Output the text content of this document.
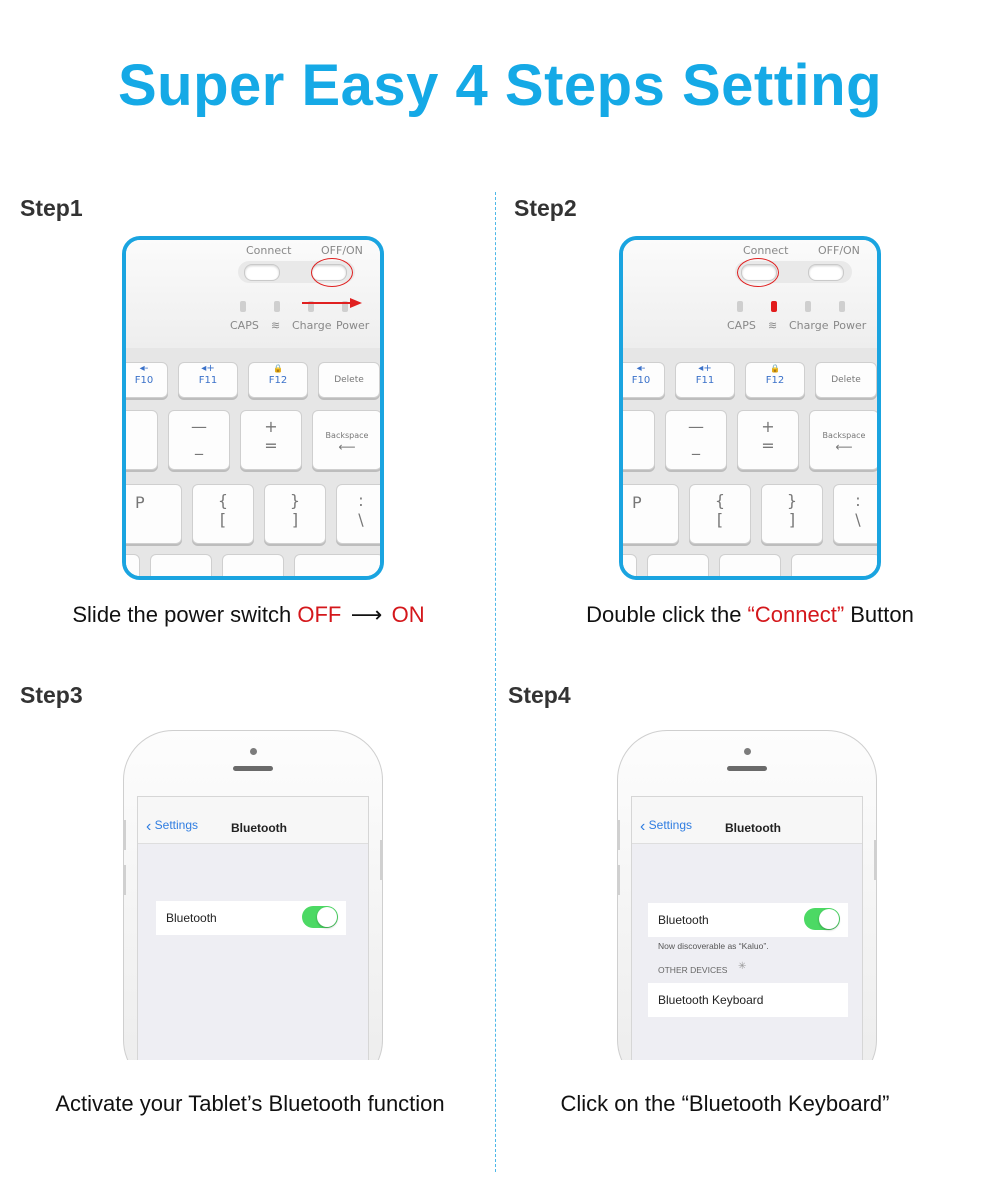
Super Easy 4 Steps Setting
Step1	Step2
Step3	Step4
Connect	OFF/ON
CAPS ≋ Charge Power
◂-
F10
◂+
F11
🔒
F12	Delete
—
_
+
=
Backspace
⟵
P	{
[
}
]
:
\
Connect	OFF/ON
CAPS ≋ Charge Power
◂-
F10
◂+
F11
🔒
F12	Delete
—
_
+
=
Backspace
⟵
P	{
[
}
]
:
\
Slide the power switch OFF ⟶ ON	Double click the “Connect” Button
‹ Settings	Bluetooth
Bluetooth
‹ Settings	Bluetooth
Bluetooth
Now discoverable as “Kaluo”.
OTHER DEVICES ✳
Bluetooth Keyboard
Activate your Tablet’s Bluetooth function	Click on the “Bluetooth Keyboard”
